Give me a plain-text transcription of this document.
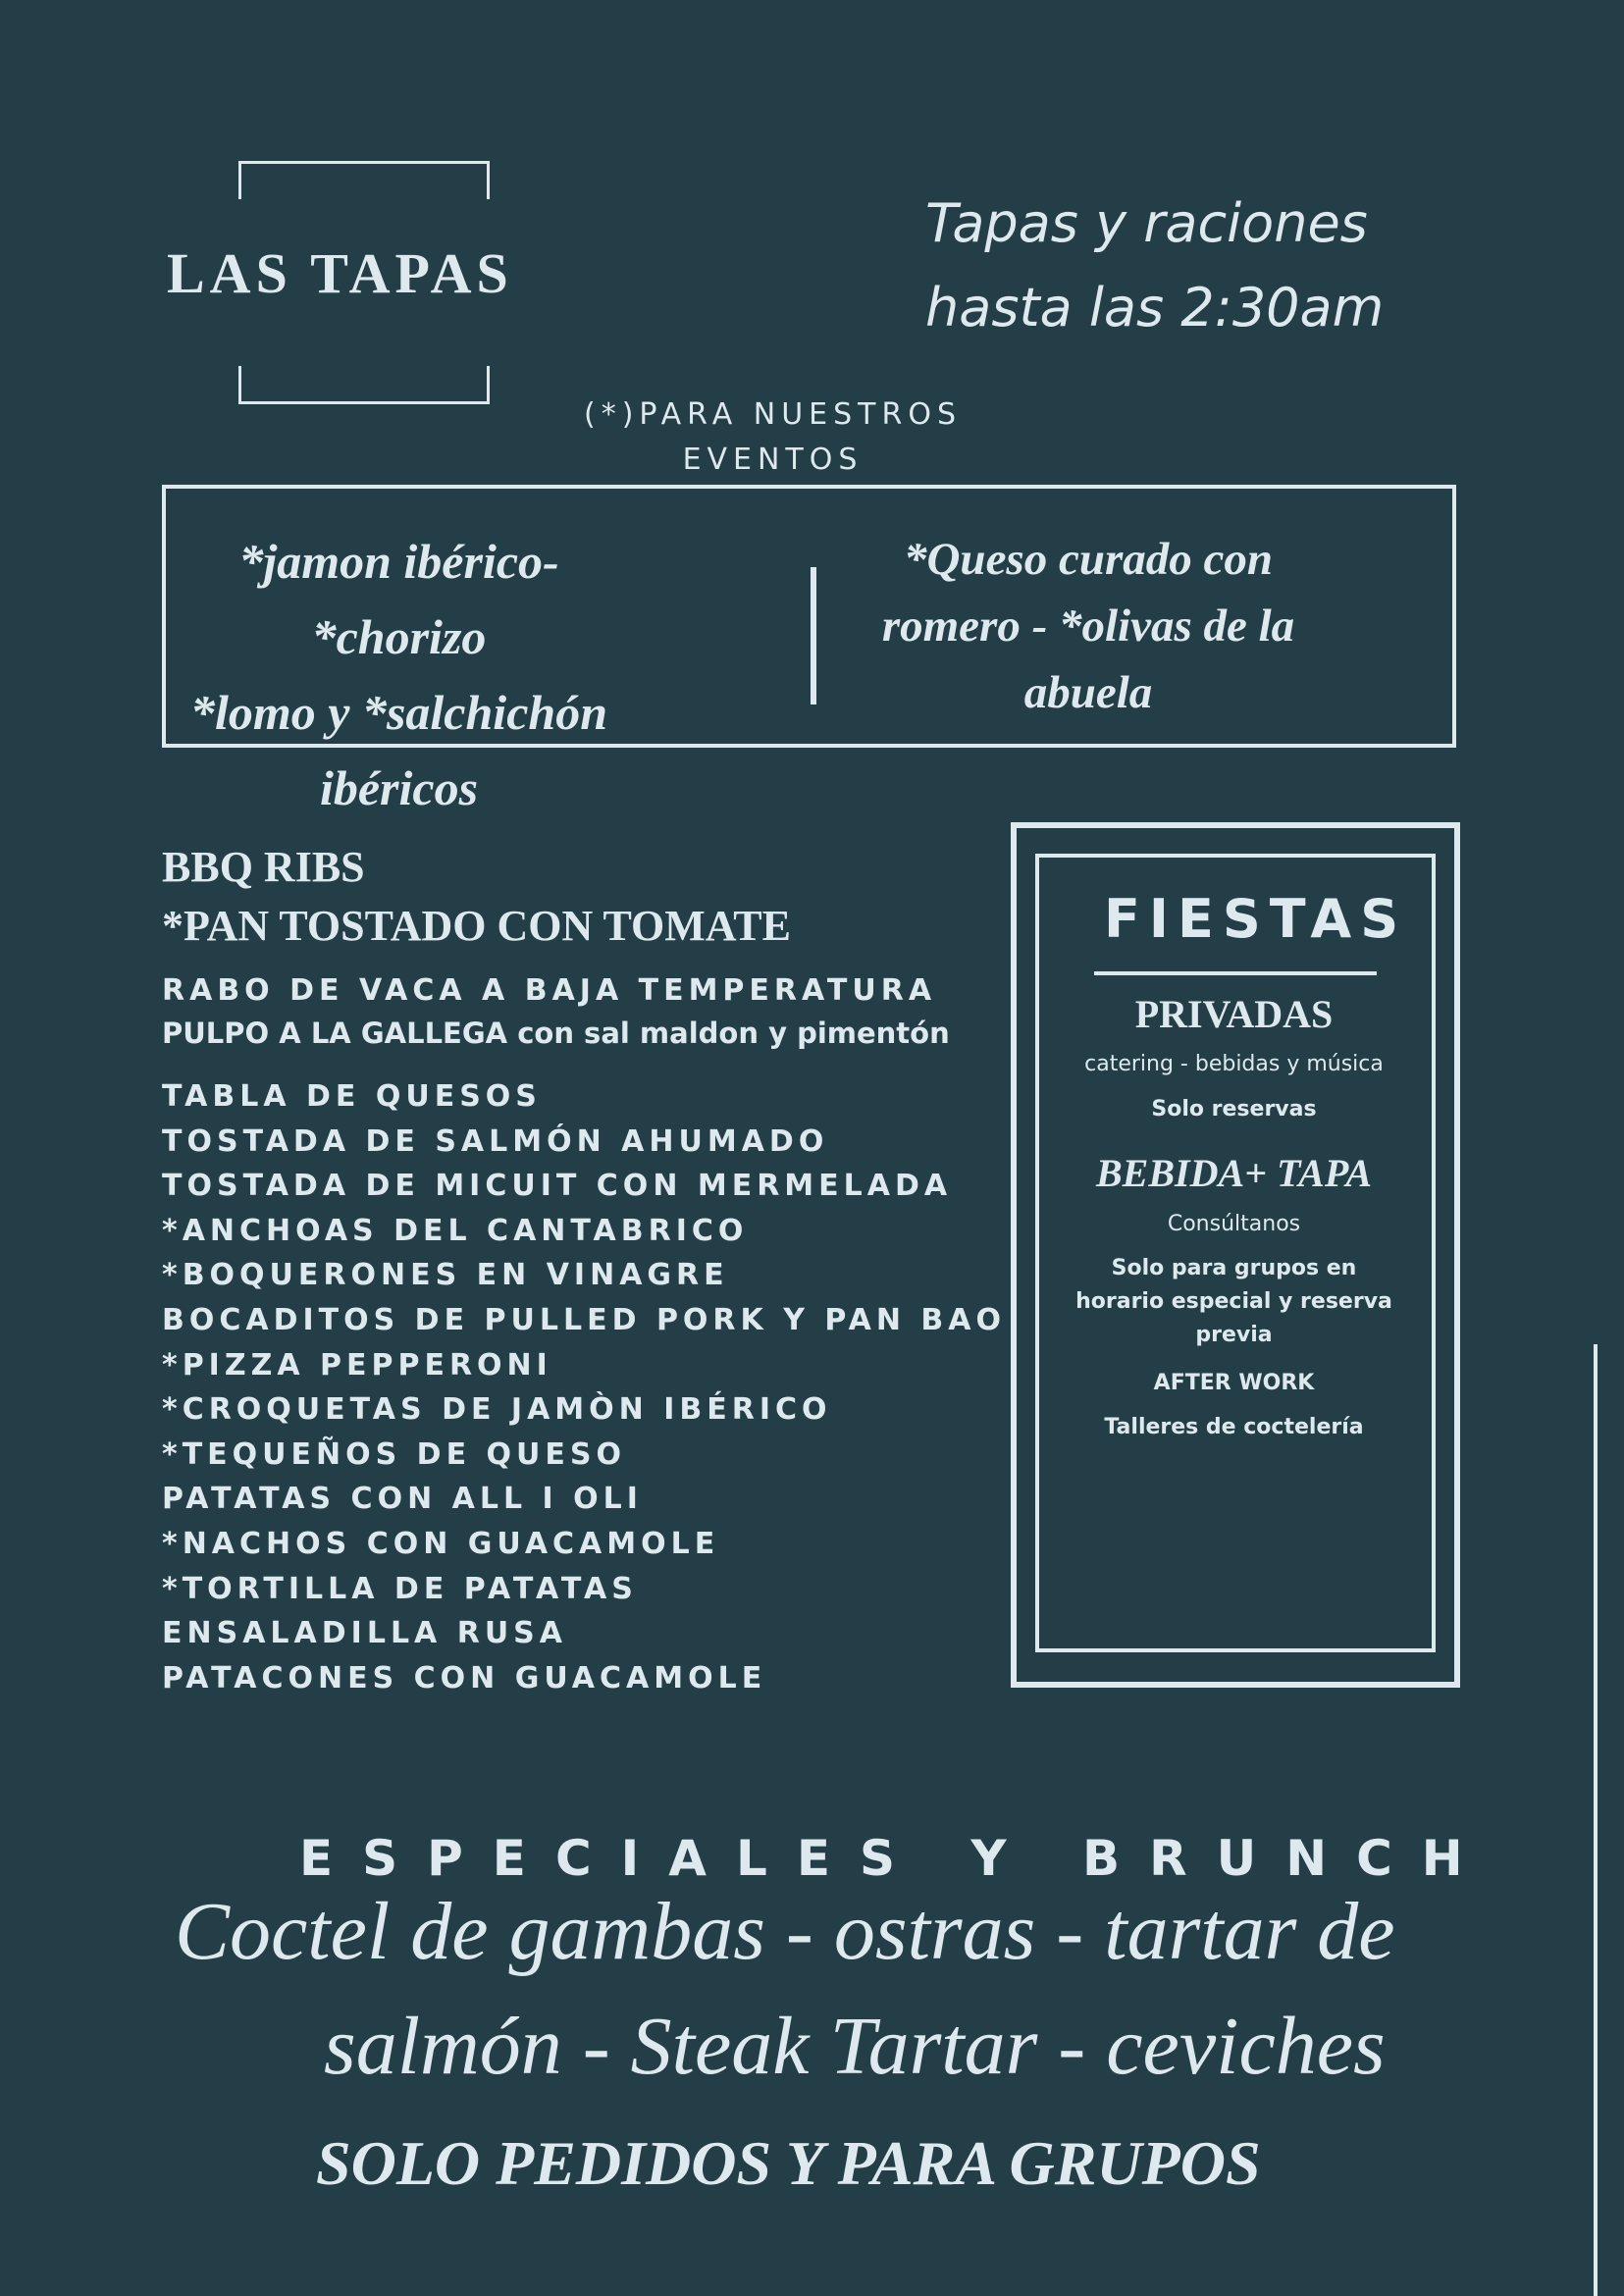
LAS TAPAS
Tapas y raciones
hasta las 2:30am
(*)PARA NUESTROS
EVENTOS
*jamon ibérico- *chorizo
*lomo y *salchichón
ibéricos
*Queso curado con
romero - *olivas de la
abuela
BBQ RIBS
*PAN TOSTADO CON TOMATE
RABO DE VACA A BAJA TEMPERATURA
PULPO A LA GALLEGA con sal maldon y pimentón
TABLA DE QUESOS
TOSTADA DE SALMÓN AHUMADO
TOSTADA DE MICUIT CON MERMELADA
*ANCHOAS DEL CANTABRICO
*BOQUERONES EN VINAGRE
BOCADITOS DE PULLED PORK Y PAN BAO
*PIZZA PEPPERONI
*CROQUETAS DE JAMÒN IBÉRICO
*TEQUEÑOS DE QUESO
PATATAS CON ALL I OLI
*NACHOS CON GUACAMOLE
*TORTILLA DE PATATAS
ENSALADILLA RUSA
PATACONES CON GUACAMOLE
FIESTAS
PRIVADAS
catering - bebidas y música
Solo reservas
BEBIDA+ TAPA
Consúltanos
Solo para grupos en
horario especial y reserva
previa
AFTER WORK
Talleres de coctelería
ESPECIALES Y BRUNCH
Coctel de gambas - ostras - tartar de
salmón - Steak Tartar - ceviches
SOLO PEDIDOS Y PARA GRUPOS
